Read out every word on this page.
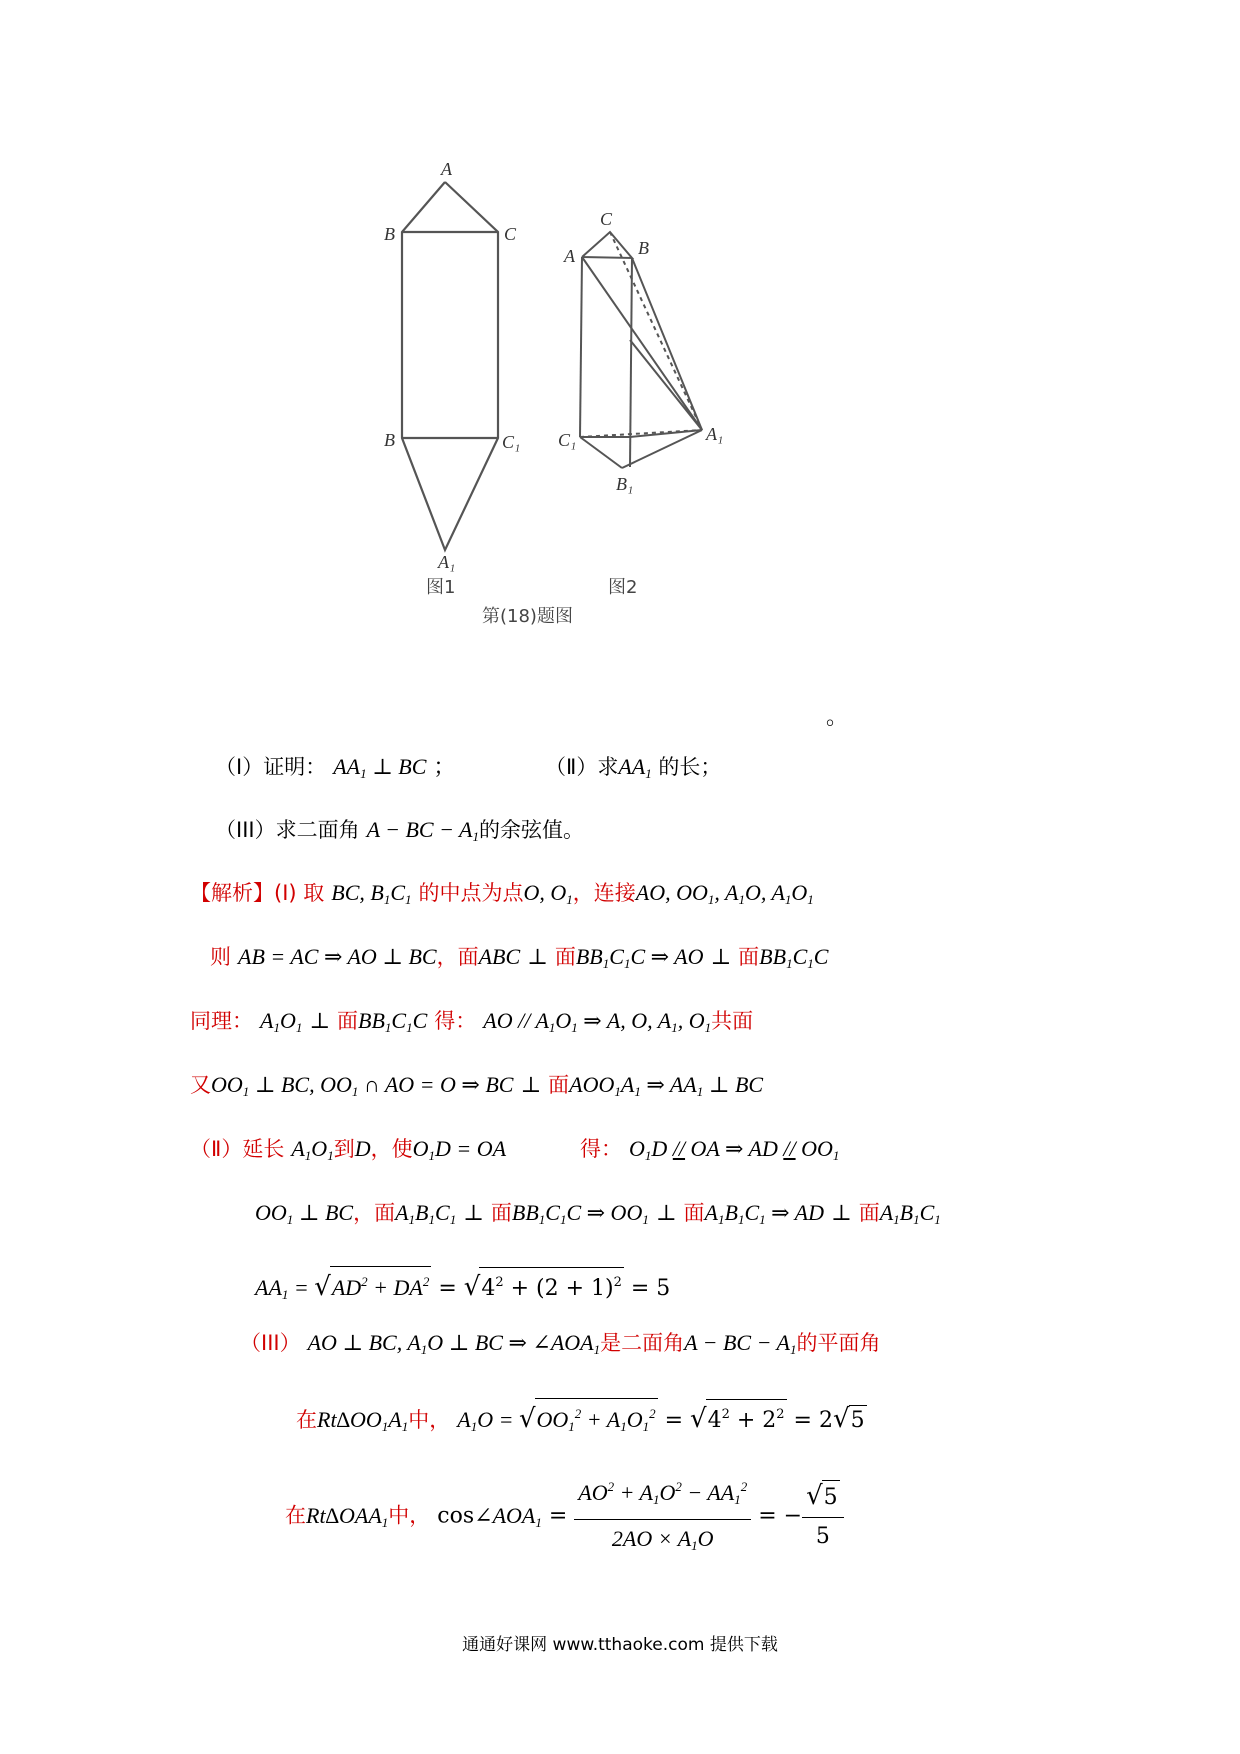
A
B	C
B	C₁
A₁
图1
C
A	B
C₁	A₁
B₁
图2
第(18)题图
。
（Ⅰ）证明： $AA_1$ ⊥ BC ；	（Ⅱ）求$AA_1$ 的长；
（III）求二面角 A − BC − $A_1$的余弦值。
【解析】(Ⅰ) 取 BC, $B_1C_1$ 的中点为点O, $O_1$，连接AO, $OO_1$, $A_1O$, $A_1O_1$
则 AB = AC ⇒ AO ⊥ BC，面ABC ⊥ 面$BB_1C_1C$ ⇒ AO ⊥ 面$BB_1C_1C$
同理： $A_1O_1$ ⊥ 面$BB_1C_1C$ 得： AO // $A_1O_1$ ⇒ A, O, $A_1$, $O_1$共面
又$OO_1$ ⊥ BC, $OO_1$ ∩ AO = O ⇒ BC ⊥ 面$AOO_1A_1$ ⇒ $AA_1$ ⊥ BC
（Ⅱ）延长 $A_1O_1$到D，使$O_1D$ = OA	得： $O_1D$ // OA ⇒ AD // $OO_1$
$OO_1$ ⊥ BC，面$A_1B_1C_1$ ⊥ 面$BB_1C_1C$ ⇒ $OO_1$ ⊥ 面$A_1B_1C_1$ ⇒ AD ⊥ 面$A_1B_1C_1$
$AA_1 = √AD^2 + DA^2 = √4^2 + (2 + 1)^2 = 5$
（III） AO ⊥ BC, $A_1O$ ⊥ BC ⇒ $\angle AOA_1$是二面角A − BC − $A_1$的平面角
在$Rt\Delta OO_1A_1$中， $A_1O = √OO_1^2 + A_1O_1^2 = √4^2 + 2^2 = 2√5$
在$Rt\Delta OAA_1$中， $\cos\angle AOA_1 = \frac{AO^2 + A_1O^2 - AA_1^2}{2AO \times A_1O}$ = − $\frac{√5}{5}$
通通好课网 www.tthaoke.com 提供下载
